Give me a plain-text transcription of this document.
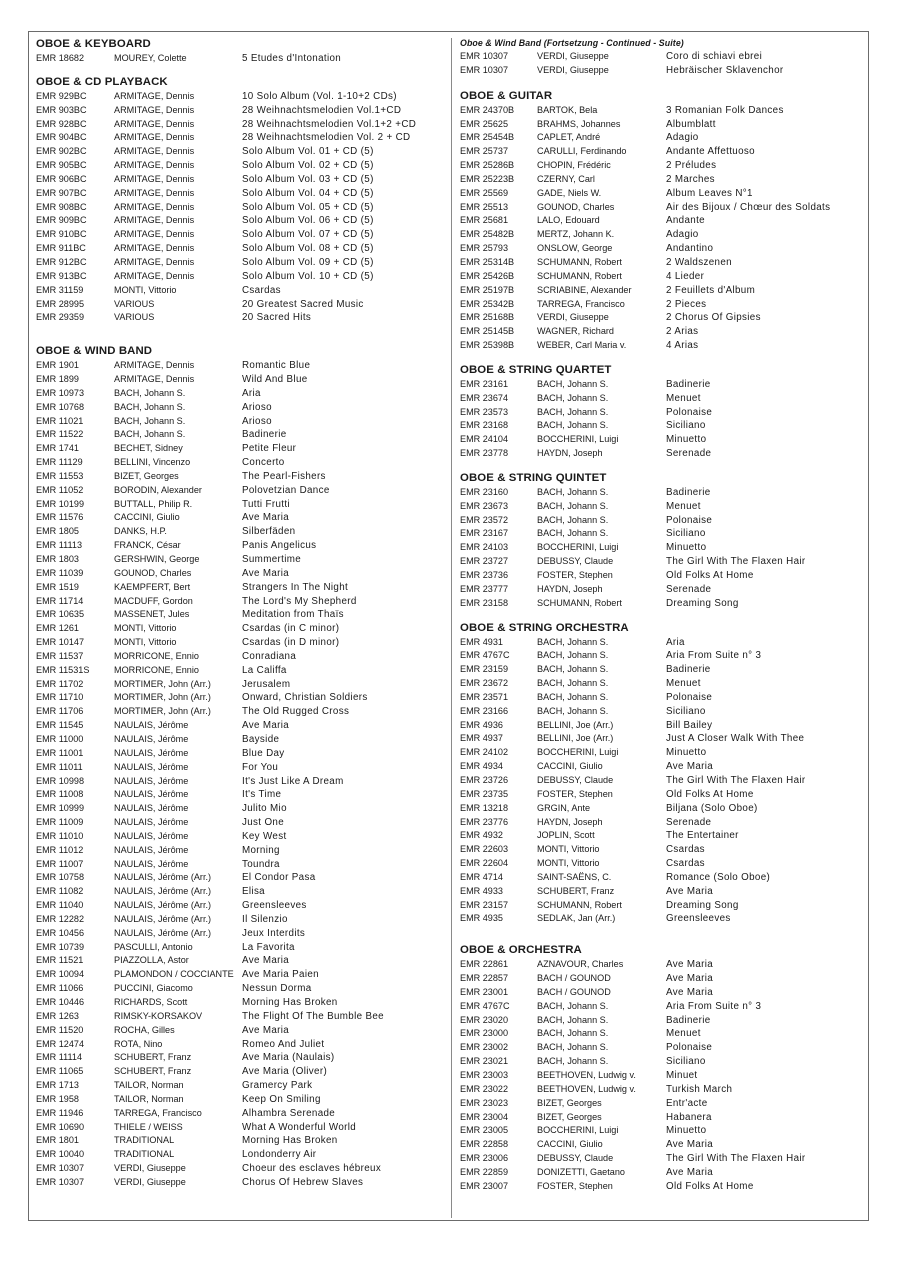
OBOE & KEYBOARD
EMR 18682	MOUREY, Colette	5 Etudes d'Intonation
OBOE & CD PLAYBACK
EMR 929BC	ARMITAGE, Dennis	10 Solo Album (Vol. 1-10+2 CDs)
EMR 903BC	ARMITAGE, Dennis	28 Weihnachtsmelodien Vol.1+CD
EMR 928BC	ARMITAGE, Dennis	28 Weihnachtsmelodien Vol.1+2 +CD
EMR 904BC	ARMITAGE, Dennis	28 Weihnachtsmelodien Vol. 2 + CD
EMR 902BC	ARMITAGE, Dennis	Solo Album Vol. 01 + CD (5)
EMR 905BC	ARMITAGE, Dennis	Solo Album Vol. 02 + CD (5)
EMR 906BC	ARMITAGE, Dennis	Solo Album Vol. 03 + CD (5)
EMR 907BC	ARMITAGE, Dennis	Solo Album Vol. 04 + CD (5)
EMR 908BC	ARMITAGE, Dennis	Solo Album Vol. 05 + CD (5)
EMR 909BC	ARMITAGE, Dennis	Solo Album Vol. 06 + CD (5)
EMR 910BC	ARMITAGE, Dennis	Solo Album Vol. 07 + CD (5)
EMR 911BC	ARMITAGE, Dennis	Solo Album Vol. 08 + CD (5)
EMR 912BC	ARMITAGE, Dennis	Solo Album Vol. 09 + CD (5)
EMR 913BC	ARMITAGE, Dennis	Solo Album Vol. 10 + CD (5)
EMR 31159	MONTI, Vittorio	Csardas
EMR 28995	VARIOUS	20 Greatest Sacred Music
EMR 29359	VARIOUS	20 Sacred Hits
OBOE & WIND BAND
EMR 1901	ARMITAGE, Dennis	Romantic Blue
EMR 1899	ARMITAGE, Dennis	Wild And Blue
EMR 10973	BACH, Johann S.	Aria
EMR 10768	BACH, Johann S.	Arioso
EMR 11021	BACH, Johann S.	Arioso
EMR 11522	BACH, Johann S.	Badinerie
EMR 1741	BECHET, Sidney	Petite Fleur
EMR 11129	BELLINI, Vincenzo	Concerto
EMR 11553	BIZET, Georges	The Pearl-Fishers
EMR 11052	BORODIN, Alexander	Polovetzian Dance
EMR 10199	BUTTALL, Philip R.	Tutti Frutti
EMR 11576	CACCINI, Giulio	Ave Maria
EMR 1805	DANKS, H.P.	Silberfäden
EMR 11113	FRANCK, César	Panis Angelicus
EMR 1803	GERSHWIN, George	Summertime
EMR 11039	GOUNOD, Charles	Ave Maria
EMR 1519	KAEMPFERT, Bert	Strangers In The Night
EMR 11714	MACDUFF, Gordon	The Lord's My Shepherd
EMR 10635	MASSENET, Jules	Meditation from Thaïs
EMR 1261	MONTI, Vittorio	Csardas (in C minor)
EMR 10147	MONTI, Vittorio	Csardas (in D minor)
EMR 11537	MORRICONE, Ennio	Conradiana
EMR 11531S	MORRICONE, Ennio	La Califfa
EMR 11702	MORTIMER, John (Arr.)	Jerusalem
EMR 11710	MORTIMER, John (Arr.)	Onward, Christian Soldiers
EMR 11706	MORTIMER, John (Arr.)	The Old Rugged Cross
EMR 11545	NAULAIS, Jérôme	Ave Maria
EMR 11000	NAULAIS, Jérôme	Bayside
EMR 11001	NAULAIS, Jérôme	Blue Day
EMR 11011	NAULAIS, Jérôme	For You
EMR 10998	NAULAIS, Jérôme	It's Just Like A Dream
EMR 11008	NAULAIS, Jérôme	It's Time
EMR 10999	NAULAIS, Jérôme	Julito Mio
EMR 11009	NAULAIS, Jérôme	Just One
EMR 11010	NAULAIS, Jérôme	Key West
EMR 11012	NAULAIS, Jérôme	Morning
EMR 11007	NAULAIS, Jérôme	Toundra
EMR 10758	NAULAIS, Jérôme (Arr.)	El Condor Pasa
EMR 11082	NAULAIS, Jérôme (Arr.)	Elisa
EMR 11040	NAULAIS, Jérôme (Arr.)	Greensleeves
EMR 12282	NAULAIS, Jérôme (Arr.)	Il Silenzio
EMR 10456	NAULAIS, Jérôme (Arr.)	Jeux Interdits
EMR 10739	PASCULLI, Antonio	La Favorita
EMR 11521	PIAZZOLLA, Astor	Ave Maria
EMR 10094	PLAMONDON / COCCIANTE Ave Maria Paien
EMR 11066	PUCCINI, Giacomo	Nessun Dorma
EMR 10446	RICHARDS, Scott	Morning Has Broken
EMR 1263	RIMSKY-KORSAKOV	The Flight Of The Bumble Bee
EMR 11520	ROCHA, Gilles	Ave Maria
EMR 12474	ROTA, Nino	Romeo And Juliet
EMR 11114	SCHUBERT, Franz	Ave Maria (Naulais)
EMR 11065	SCHUBERT, Franz	Ave Maria (Oliver)
EMR 1713	TAILOR, Norman	Gramercy Park
EMR 1958	TAILOR, Norman	Keep On Smiling
EMR 11946	TARREGA, Francisco	Alhambra Serenade
EMR 10690	THIELE / WEISS	What A Wonderful World
EMR 1801	TRADITIONAL	Morning Has Broken
EMR 10040	TRADITIONAL	Londonderry Air
EMR 10307	VERDI, Giuseppe	Choeur des esclaves hébreux
EMR 10307	VERDI, Giuseppe	Chorus Of Hebrew Slaves
Oboe & Wind Band (Fortsetzung - Continued - Suite)
EMR 10307	VERDI, Giuseppe	Coro di schiavi ebrei
EMR 10307	VERDI, Giuseppe	Hebräischer Sklavenchor
OBOE & GUITAR
EMR 24370B	BARTOK, Bela	3 Romanian Folk Dances
EMR 25625	BRAHMS, Johannes	Albumblatt
EMR 25454B	CAPLET, André	Adagio
EMR 25737	CARULLI, Ferdinando	Andante Affettuoso
EMR 25286B	CHOPIN, Frédéric	2 Préludes
EMR 25223B	CZERNY, Carl	2 Marches
EMR 25569	GADE, Niels W.	Album Leaves N°1
EMR 25513	GOUNOD, Charles	Air des Bijoux / Chœur des Soldats
EMR 25681	LALO, Edouard	Andante
EMR 25482B	MERTZ, Johann K.	Adagio
EMR 25793	ONSLOW, George	Andantino
EMR 25314B	SCHUMANN, Robert	2 Waldszenen
EMR 25426B	SCHUMANN, Robert	4 Lieder
EMR 25197B	SCRIABINE, Alexander	2 Feuillets d'Album
EMR 25342B	TARREGA, Francisco	2 Pieces
EMR 25168B	VERDI, Giuseppe	2 Chorus Of Gipsies
EMR 25145B	WAGNER, Richard	2 Arias
EMR 25398B	WEBER, Carl Maria v.	4 Arias
OBOE & STRING QUARTET
EMR 23161	BACH, Johann S.	Badinerie
EMR 23674	BACH, Johann S.	Menuet
EMR 23573	BACH, Johann S.	Polonaise
EMR 23168	BACH, Johann S.	Siciliano
EMR 24104	BOCCHERINI, Luigi	Minuetto
EMR 23778	HAYDN, Joseph	Serenade
OBOE & STRING QUINTET
EMR 23160	BACH, Johann S.	Badinerie
EMR 23673	BACH, Johann S.	Menuet
EMR 23572	BACH, Johann S.	Polonaise
EMR 23167	BACH, Johann S.	Siciliano
EMR 24103	BOCCHERINI, Luigi	Minuetto
EMR 23727	DEBUSSY, Claude	The Girl With The Flaxen Hair
EMR 23736	FOSTER, Stephen	Old Folks At Home
EMR 23777	HAYDN, Joseph	Serenade
EMR 23158	SCHUMANN, Robert	Dreaming Song
OBOE & STRING ORCHESTRA
EMR 4931	BACH, Johann S.	Aria
EMR 4767C	BACH, Johann S.	Aria From Suite n° 3
EMR 23159	BACH, Johann S.	Badinerie
EMR 23672	BACH, Johann S.	Menuet
EMR 23571	BACH, Johann S.	Polonaise
EMR 23166	BACH, Johann S.	Siciliano
EMR 4936	BELLINI, Joe (Arr.)	Bill Bailey
EMR 4937	BELLINI, Joe (Arr.)	Just A Closer Walk With Thee
EMR 24102	BOCCHERINI, Luigi	Minuetto
EMR 4934	CACCINI, Giulio	Ave Maria
EMR 23726	DEBUSSY, Claude	The Girl With The Flaxen Hair
EMR 23735	FOSTER, Stephen	Old Folks At Home
EMR 13218	GRGIN, Ante	Biljana (Solo Oboe)
EMR 23776	HAYDN, Joseph	Serenade
EMR 4932	JOPLIN, Scott	The Entertainer
EMR 22603	MONTI, Vittorio	Csardas
EMR 22604	MONTI, Vittorio	Csardas
EMR 4714	SAINT-SAËNS, C.	Romance (Solo Oboe)
EMR 4933	SCHUBERT, Franz	Ave Maria
EMR 23157	SCHUMANN, Robert	Dreaming Song
EMR 4935	SEDLAK, Jan (Arr.)	Greensleeves
OBOE & ORCHESTRA
EMR 22861	AZNAVOUR, Charles	Ave Maria
EMR 22857	BACH / GOUNOD	Ave Maria
EMR 23001	BACH / GOUNOD	Ave Maria
EMR 4767C	BACH, Johann S.	Aria From Suite n° 3
EMR 23020	BACH, Johann S.	Badinerie
EMR 23000	BACH, Johann S.	Menuet
EMR 23002	BACH, Johann S.	Polonaise
EMR 23021	BACH, Johann S.	Siciliano
EMR 23003	BEETHOVEN, Ludwig v.	Minuet
EMR 23022	BEETHOVEN, Ludwig v.	Turkish March
EMR 23023	BIZET, Georges	Entr'acte
EMR 23004	BIZET, Georges	Habanera
EMR 23005	BOCCHERINI, Luigi	Minuetto
EMR 22858	CACCINI, Giulio	Ave Maria
EMR 23006	DEBUSSY, Claude	The Girl With The Flaxen Hair
EMR 22859	DONIZETTI, Gaetano	Ave Maria
EMR 23007	FOSTER, Stephen	Old Folks At Home
